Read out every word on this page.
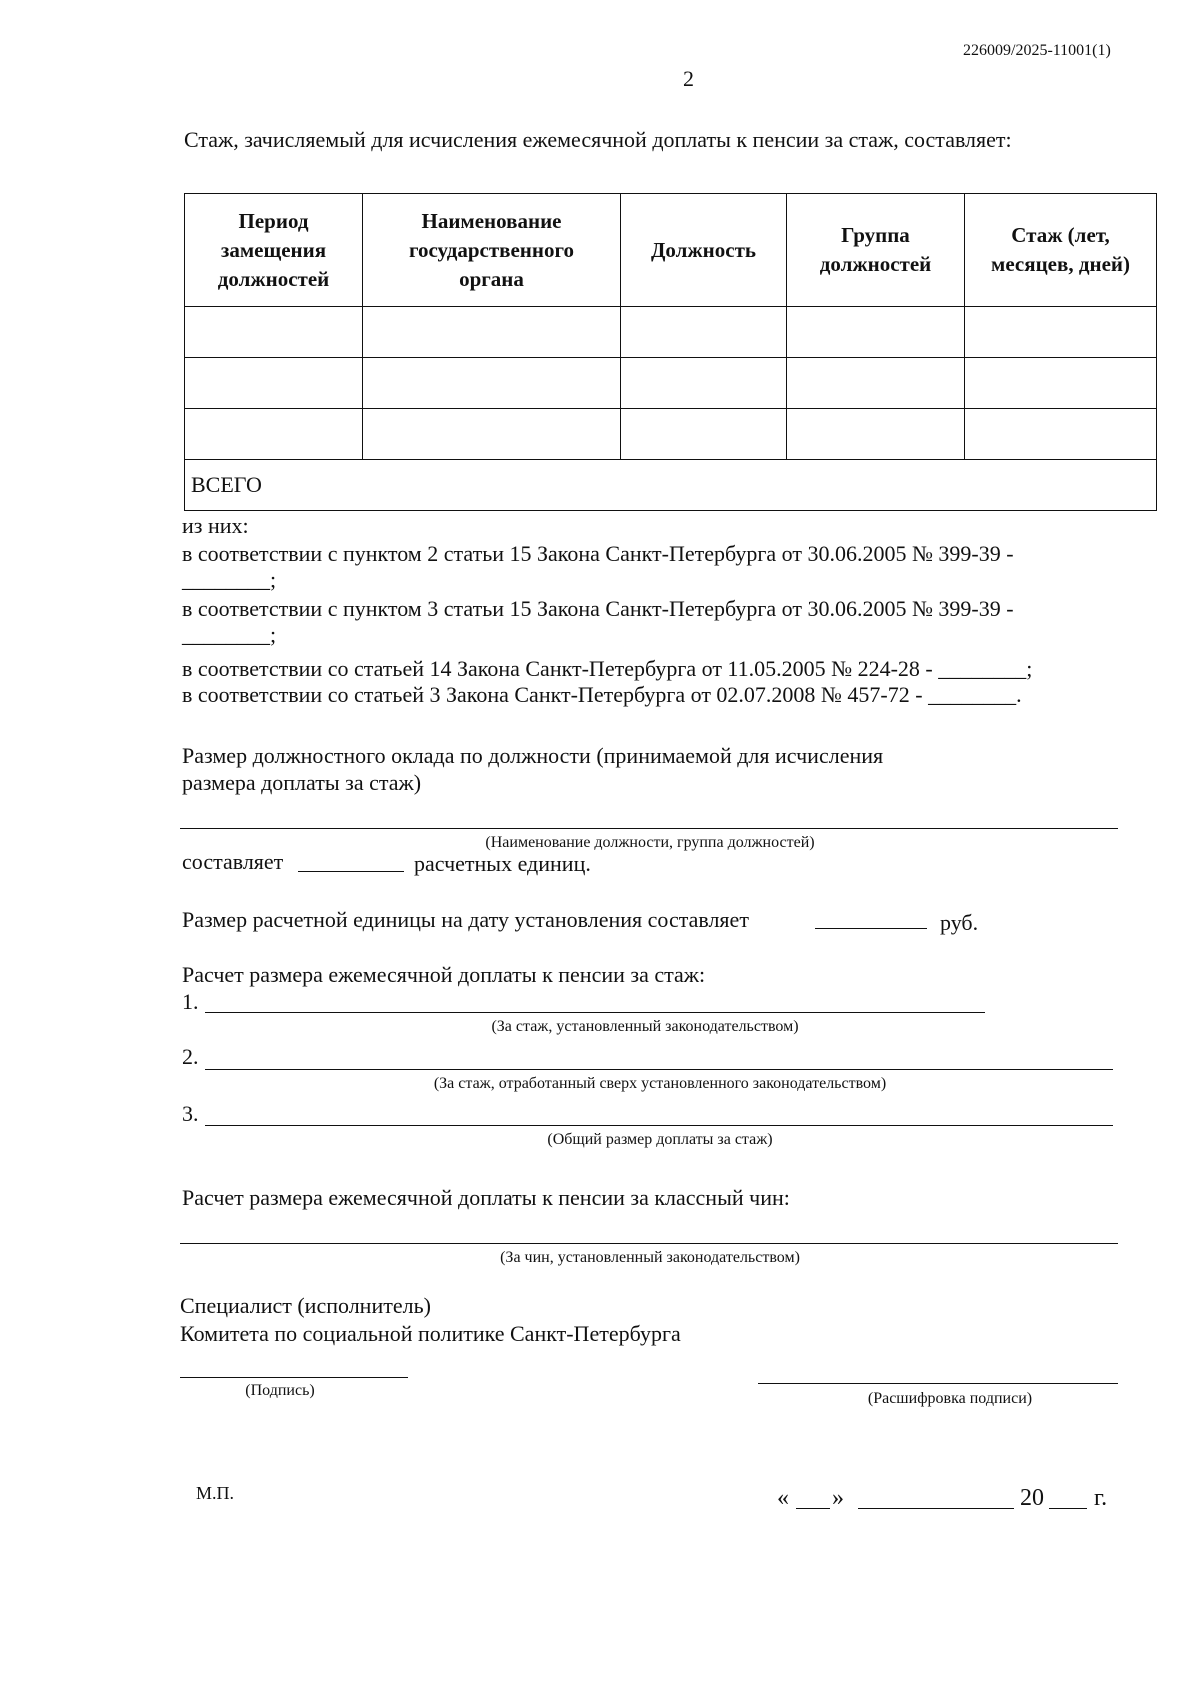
226009/2025-11001(1)
2
Стаж, зачисляемый для исчисления ежемесячной доплаты к пенсии за стаж, составляет:
Период
замещения
должностей	Наименование
государственного
органа	Должность	Группа
должностей	Стаж (лет,
месяцев, дней)

ВСЕГО				
из них:
в соответствии с пунктом 2 статьи 15 Закона Санкт-Петербурга от 30.06.2005 № 399-39 -
________;
в соответствии с пунктом 3 статьи 15 Закона Санкт-Петербурга от 30.06.2005 № 399-39 -
________;
в соответствии со статьей 14 Закона Санкт-Петербурга от 11.05.2005 № 224-28 - ________;
в соответствии со статьей 3 Закона Санкт-Петербурга от 02.07.2008 № 457-72 - ________.
Размер должностного оклада по должности (принимаемой для исчисления
размера доплаты за стаж)
(Наименование должности, группа должностей)
составляет	расчетных единиц.
Размер расчетной единицы на дату установления составляет	руб.
Расчет размера ежемесячной доплаты к пенсии за стаж:
1.
(За стаж, установленный законодательством)
2.
(За стаж, отработанный сверх установленного законодательством)
3.
(Общий размер доплаты за стаж)
Расчет размера ежемесячной доплаты к пенсии за классный чин:
(За чин, установленный законодательством)
Специалист (исполнитель)
Комитета по социальной политике Санкт-Петербурга
(Подпись)	(Расшифровка подписи)
М.П.	« »	20 г.
